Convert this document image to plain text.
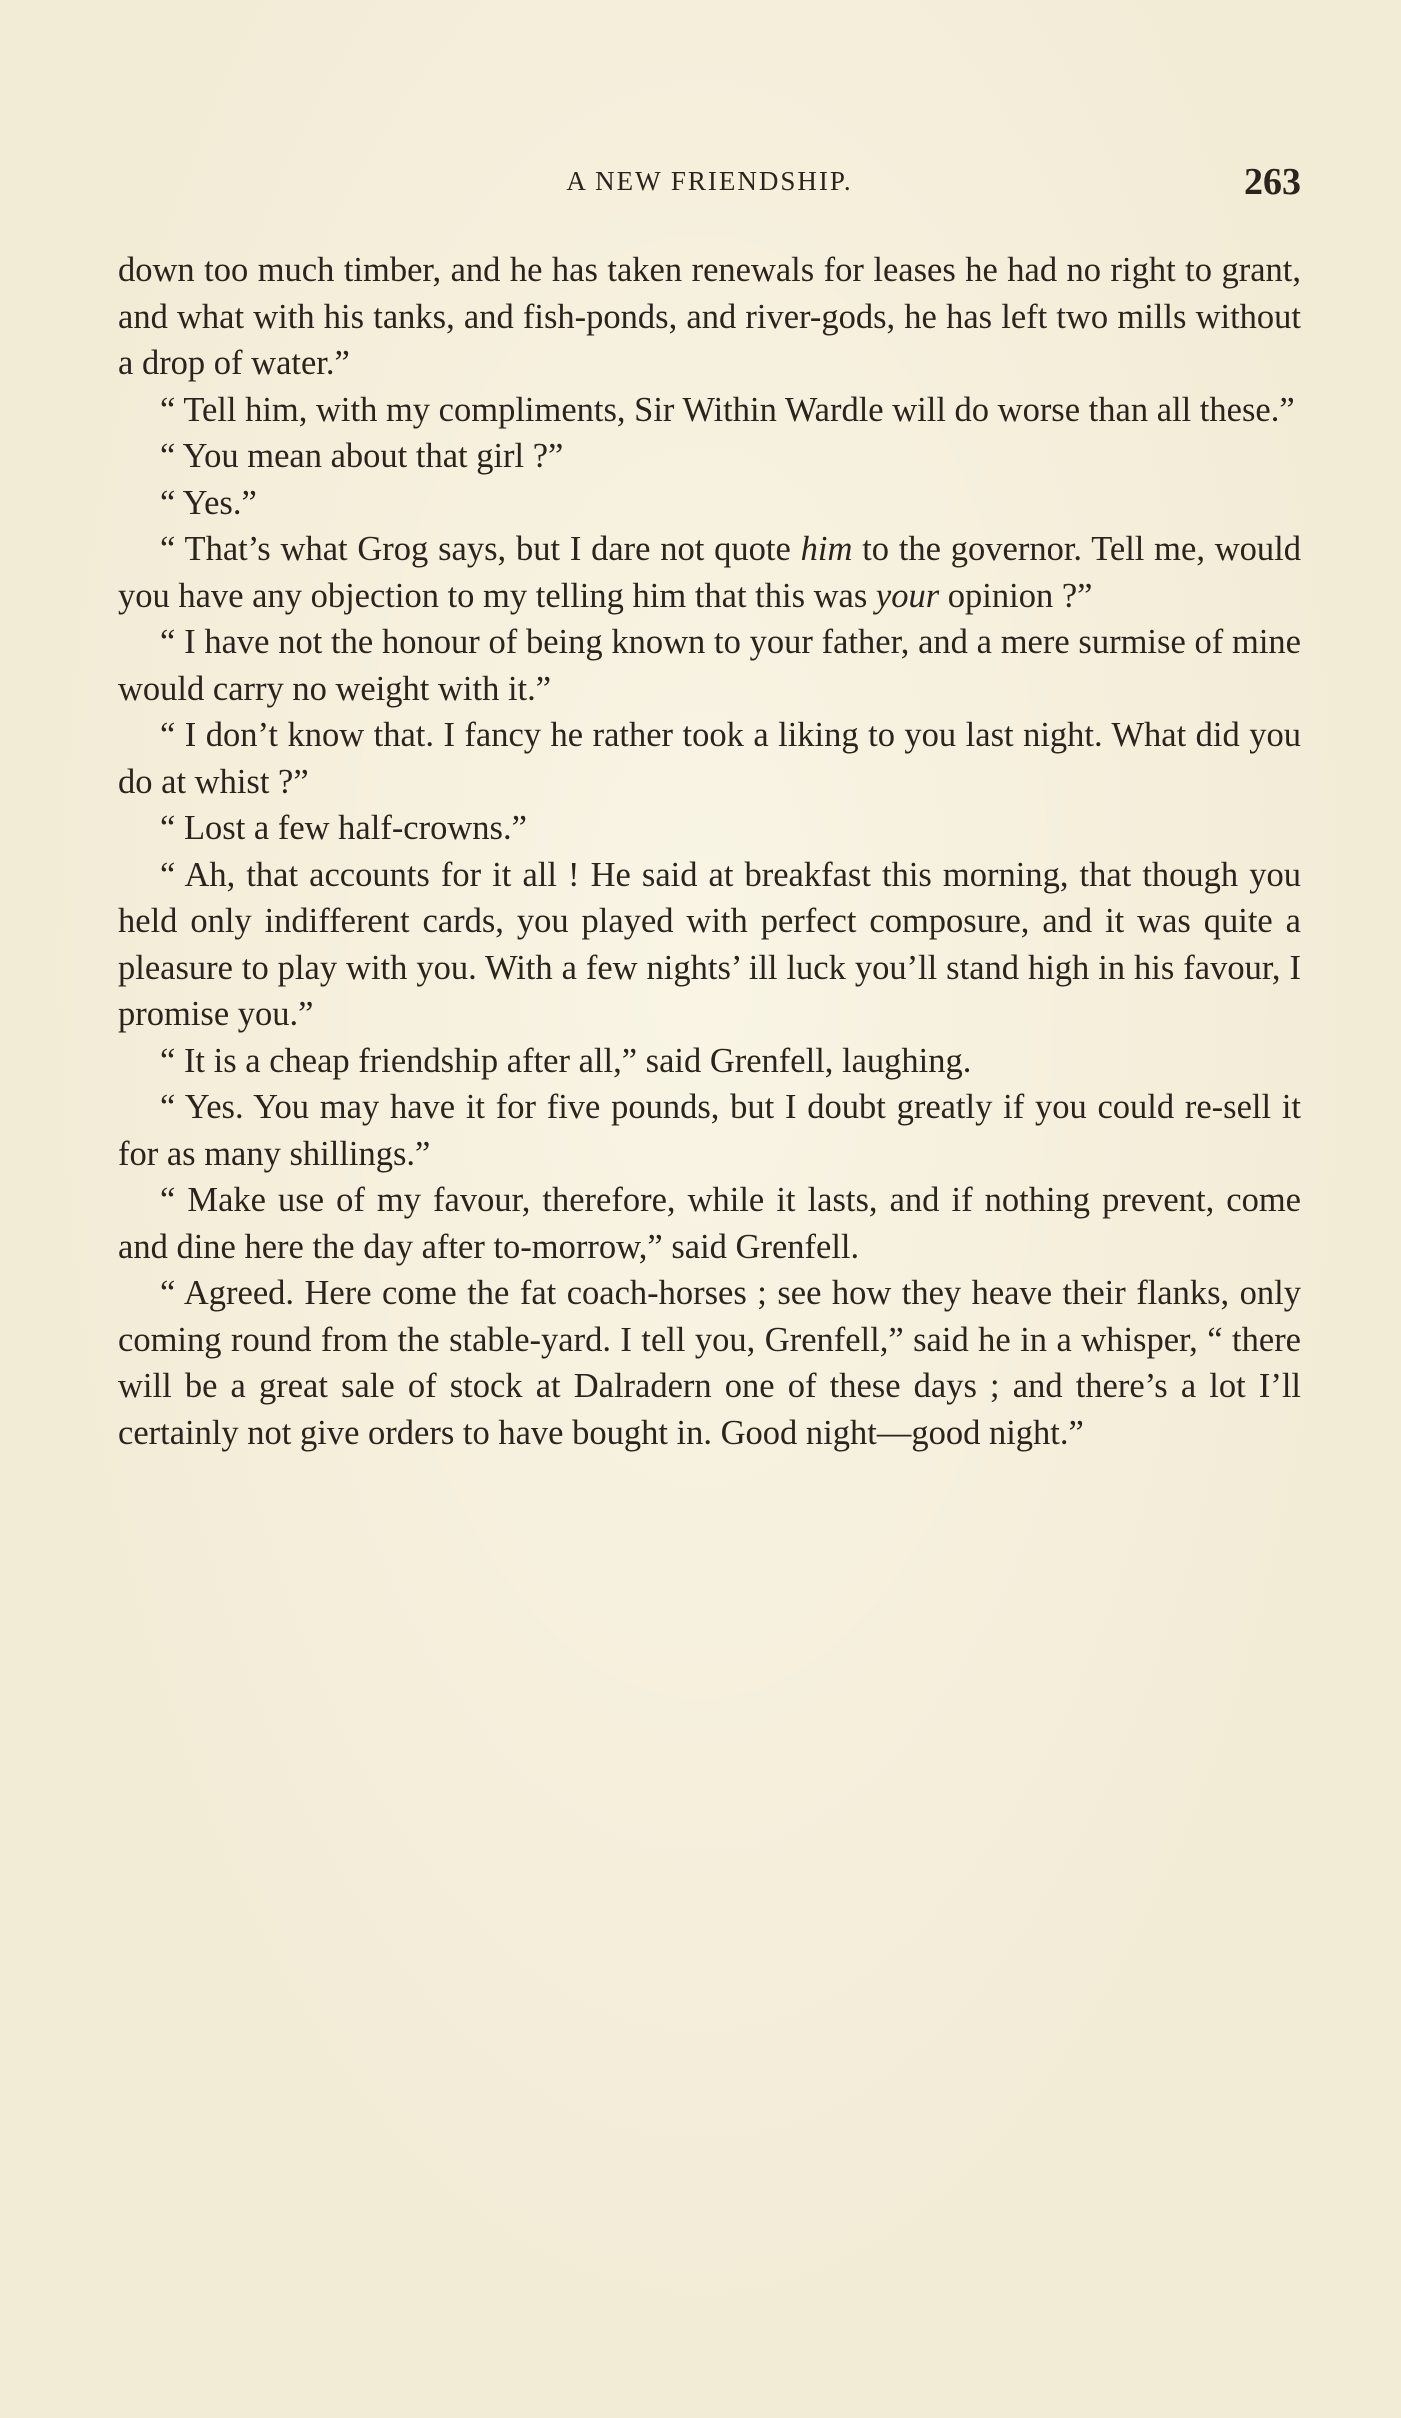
A NEW FRIENDSHIP.	263

down too much timber, and he has taken renewals for leases he had no right to grant, and what with his tanks, and fish-ponds, and river-gods, he has left two mills without a drop of water.”

“ Tell him, with my compliments, Sir Within Wardle will do worse than all these.”

“ You mean about that girl ?”

“ Yes.”

“ That’s what Grog says, but I dare not quote him to the governor. Tell me, would you have any objection to my telling him that this was your opinion ?”

“ I have not the honour of being known to your father, and a mere surmise of mine would carry no weight with it.”

“ I don’t know that. I fancy he rather took a liking to you last night. What did you do at whist ?”

“ Lost a few half-crowns.”

“ Ah, that accounts for it all ! He said at breakfast this morning, that though you held only indifferent cards, you played with perfect composure, and it was quite a pleasure to play with you. With a few nights’ ill luck you’ll stand high in his favour, I promise you.”

“ It is a cheap friendship after all,” said Grenfell, laughing.

“ Yes. You may have it for five pounds, but I doubt greatly if you could re-sell it for as many shillings.”

“ Make use of my favour, therefore, while it lasts, and if nothing prevent, come and dine here the day after to-morrow,” said Grenfell.

“ Agreed. Here come the fat coach-horses ; see how they heave their flanks, only coming round from the stable-yard. I tell you, Grenfell,” said he in a whisper, “ there will be a great sale of stock at Dalradern one of these days ; and there’s a lot I’ll certainly not give orders to have bought in. Good night—good night.”
